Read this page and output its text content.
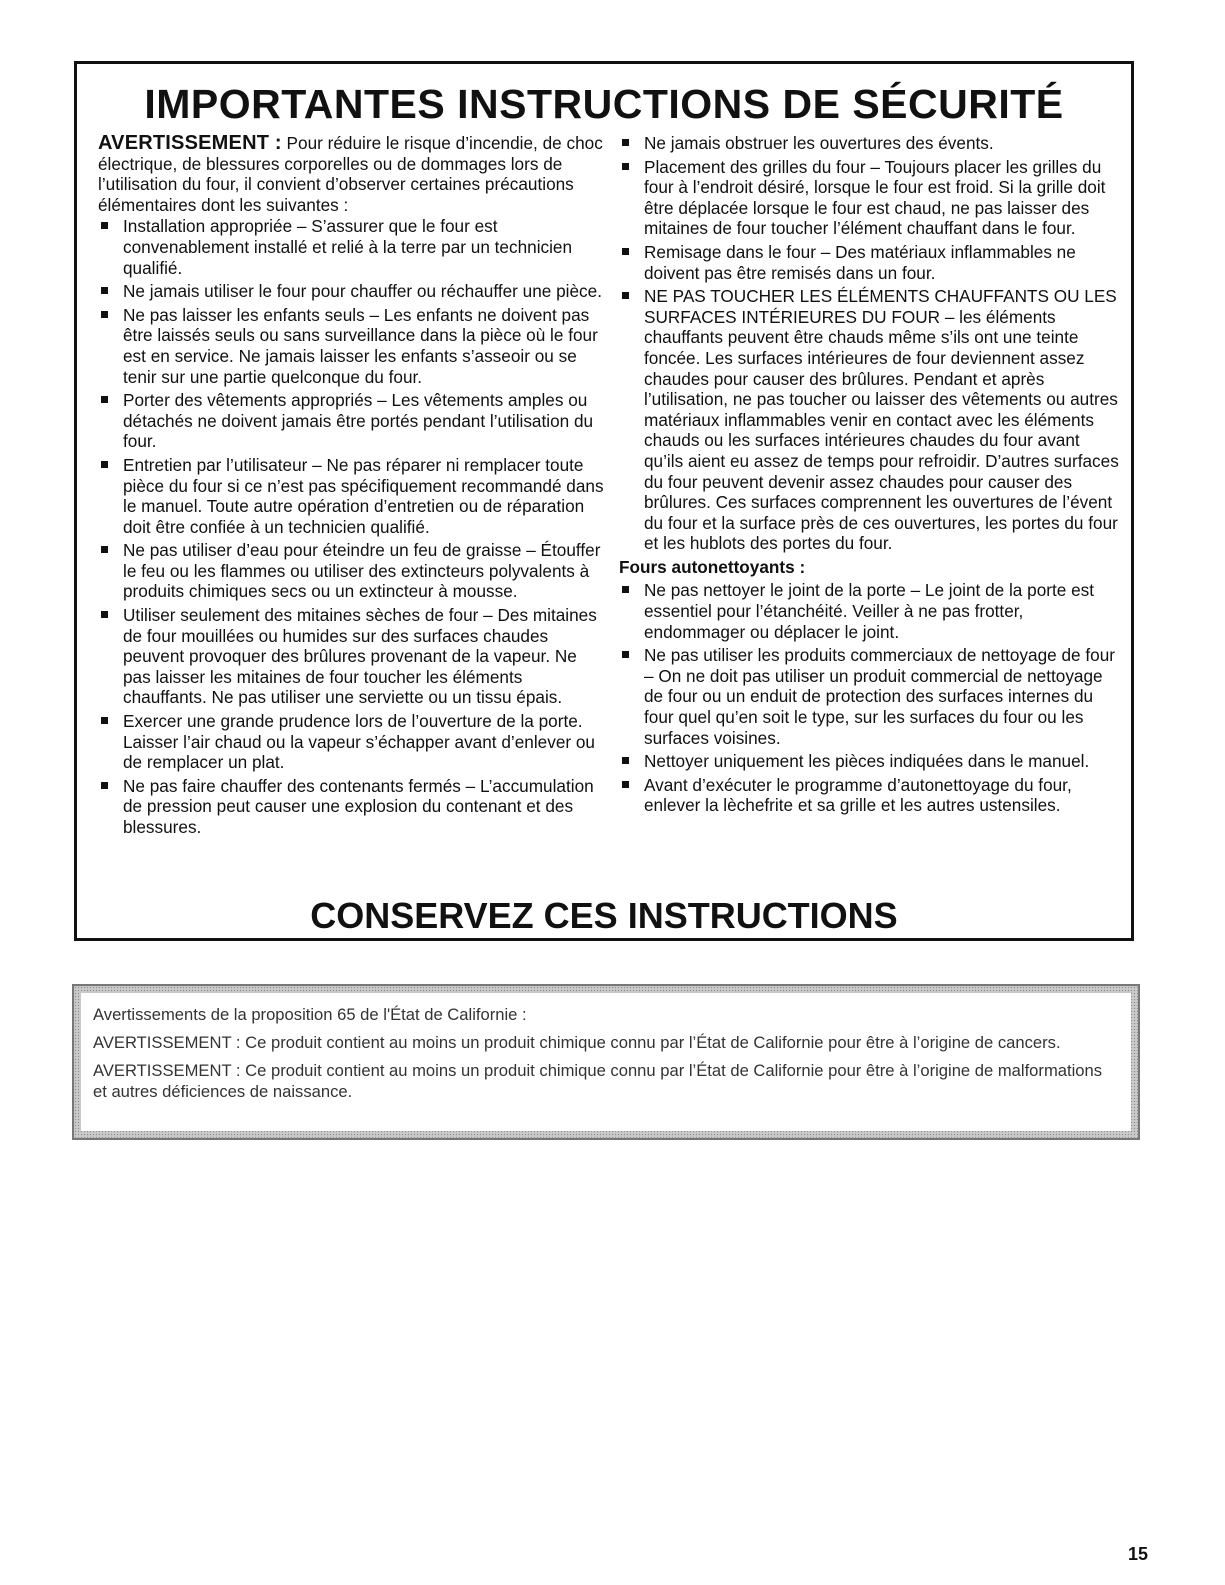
IMPORTANTES INSTRUCTIONS DE SÉCURITÉ

AVERTISSEMENT : Pour réduire le risque d’incendie, de choc électrique, de blessures corporelles ou de dommages lors de l’utilisation du four, il convient d’observer certaines précautions élémentaires dont les suivantes :

Installation appropriée – S’assurer que le four est convenablement installé et relié à la terre par un technicien qualifié.
Ne jamais utiliser le four pour chauffer ou réchauffer une pièce.
Ne pas laisser les enfants seuls – Les enfants ne doivent pas être laissés seuls ou sans surveillance dans la pièce où le four est en service. Ne jamais laisser les enfants s’asseoir ou se tenir sur une partie quelconque du four.
Porter des vêtements appropriés – Les vêtements amples ou détachés ne doivent jamais être portés pendant l’utilisation du four.
Entretien par l’utilisateur – Ne pas réparer ni remplacer toute pièce du four si ce n’est pas spécifiquement recommandé dans le manuel. Toute autre opération d’entretien ou de réparation doit être confiée à un technicien qualifié.
Ne pas utiliser d’eau pour éteindre un feu de graisse – Étouffer le feu ou les flammes ou utiliser des extincteurs polyvalents à produits chimiques secs ou un extincteur à mousse.
Utiliser seulement des mitaines sèches de four – Des mitaines de four mouillées ou humides sur des surfaces chaudes peuvent provoquer des brûlures provenant de la vapeur. Ne pas laisser les mitaines de four toucher les éléments chauffants. Ne pas utiliser une serviette ou un tissu épais.
Exercer une grande prudence lors de l’ouverture de la porte. Laisser l’air chaud ou la vapeur s’échapper avant d’enlever ou de remplacer un plat.
Ne pas faire chauffer des contenants fermés – L’accumulation de pression peut causer une explosion du contenant et des blessures.
Ne jamais obstruer les ouvertures des évents.
Placement des grilles du four – Toujours placer les grilles du four à l’endroit désiré, lorsque le four est froid. Si la grille doit être déplacée lorsque le four est chaud, ne pas laisser des mitaines de four toucher l’élément chauffant dans le four.
Remisage dans le four – Des matériaux inflammables ne doivent pas être remisés dans un four.
NE PAS TOUCHER LES ÉLÉMENTS CHAUFFANTS OU LES SURFACES INTÉRIEURES DU FOUR – les éléments chauffants peuvent être chauds même s’ils ont une teinte foncée. Les surfaces intérieures de four deviennent assez chaudes pour causer des brûlures. Pendant et après l’utilisation, ne pas toucher ou laisser des vêtements ou autres matériaux inflammables venir en contact avec les éléments chauds ou les surfaces intérieures chaudes du four avant qu’ils aient eu assez de temps pour refroidir. D’autres surfaces du four peuvent devenir assez chaudes pour causer des brûlures. Ces surfaces comprennent les ouvertures de l’évent du four et la surface près de ces ouvertures, les portes du four et les hublots des portes du four.

Fours autonettoyants :

Ne pas nettoyer le joint de la porte – Le joint de la porte est essentiel pour l’étanchéité. Veiller à ne pas frotter, endommager ou déplacer le joint.
Ne pas utiliser les produits commerciaux de nettoyage de four – On ne doit pas utiliser un produit commercial de nettoyage de four ou un enduit de protection des surfaces internes du four quel qu’en soit le type, sur les surfaces du four ou les surfaces voisines.
Nettoyer uniquement les pièces indiquées dans le manuel.
Avant d’exécuter le programme d’autonettoyage du four, enlever la lèchefrite et sa grille et les autres ustensiles.
CONSERVEZ CES INSTRUCTIONS

Avertissements de la proposition 65 de l'État de Californie :

AVERTISSEMENT : Ce produit contient au moins un produit chimique connu par l’État de Californie pour être à l’origine de cancers.

AVERTISSEMENT : Ce produit contient au moins un produit chimique connu par l’État de Californie pour être à l’origine de malformations et autres déficiences de naissance.

15
